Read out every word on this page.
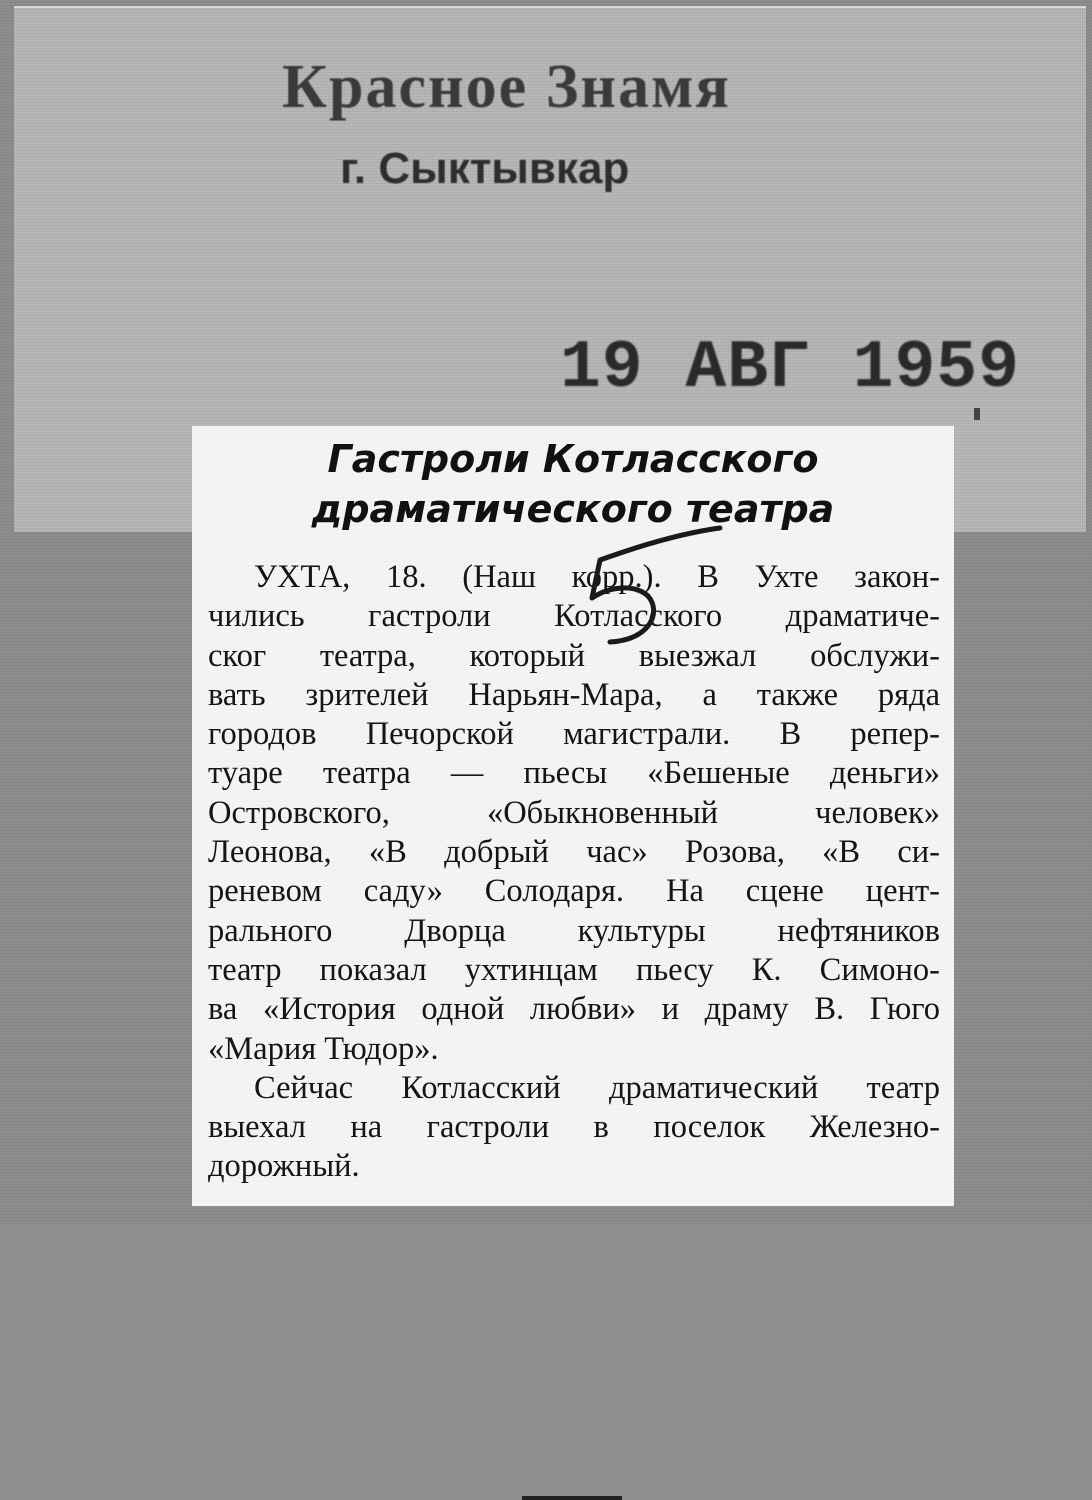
Красное Знамя
г. Сыктывкар
19 АВГ 1959
Гастроли Котласского
драматического театра

УХТА, 18. (Наш корр.). В Ухте закон-

чились гастроли Котласского драматиче-

ског театра, который выезжал обслужи-

вать зрителей Нарьян-Мара, а также ряда

городов Печорской магистрали. В репер-

туаре театра — пьесы «Бешеные деньги»

Островского, «Обыкновенный человек»

Леонова, «В добрый час» Розова, «В си-

реневом саду» Солодаря. На сцене цент-

рального Дворца культуры нефтяников

театр показал ухтинцам пьесу К. Симоно-

ва «История одной любви» и драму В. Гюго

«Мария Тюдор».

Сейчас Котласский драматический театр

выехал на гастроли в поселок Железно-

дорожный.
